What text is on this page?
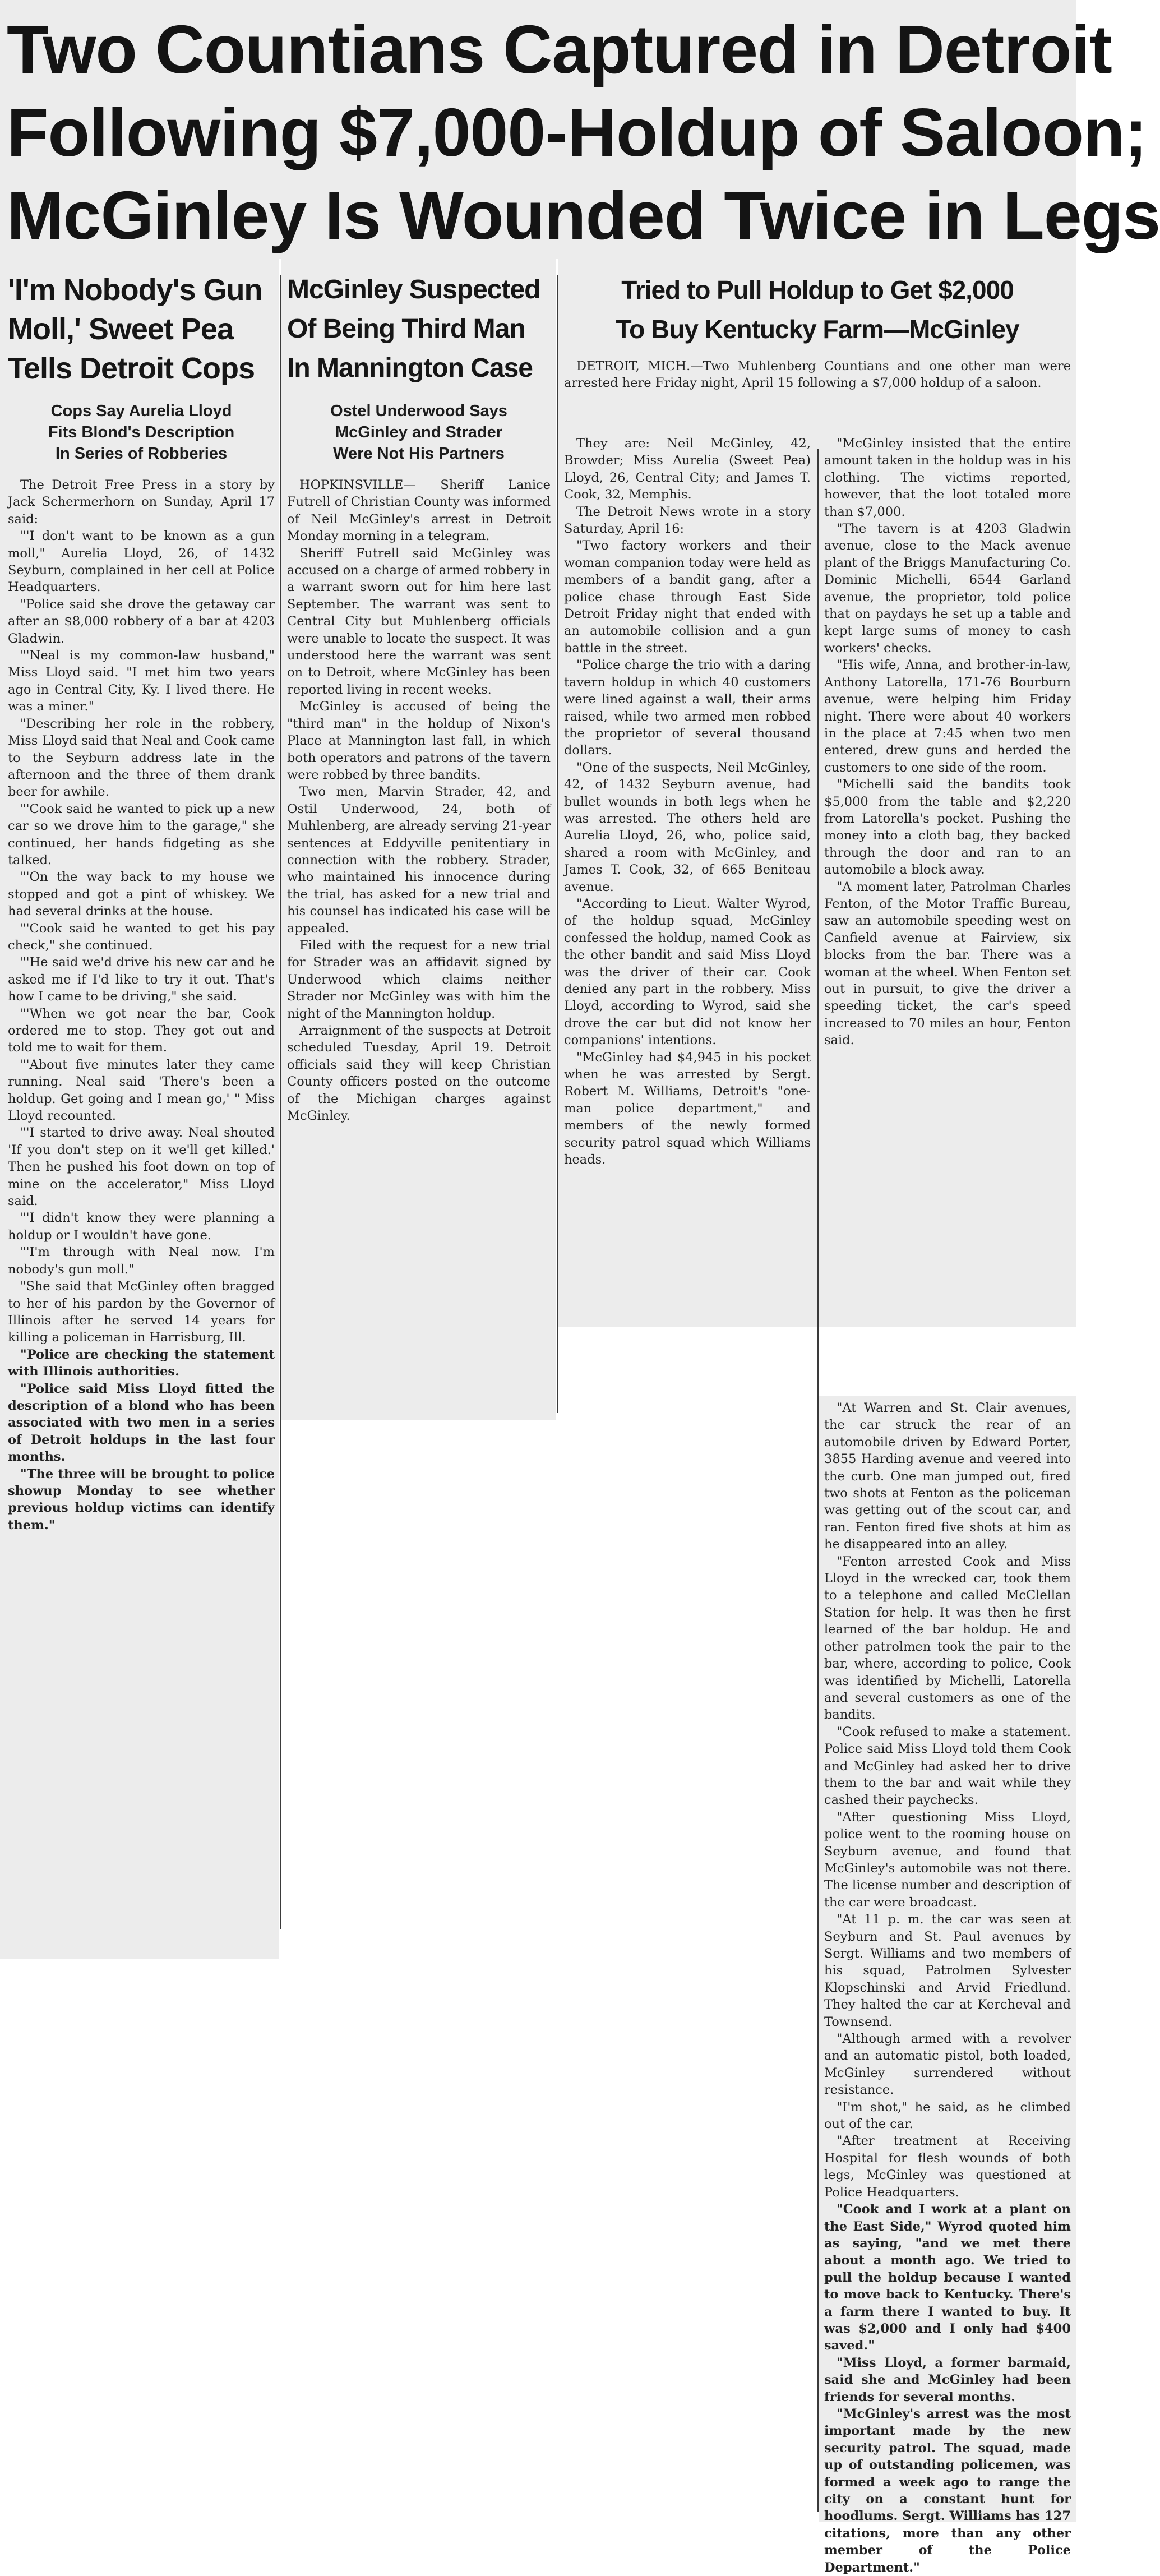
Two Countians Captured in Detroit
Following $7,000-Holdup of Saloon;
McGinley Is Wounded Twice in Legs
'I'm Nobody's Gun
Moll,' Sweet Pea
Tells Detroit Cops
Cops Say Aurelia Lloyd
Fits Blond's Description
In Series of Robberies

The Detroit Free Press in a story by Jack Schermerhorn on Sunday, April 17 said:

"'I don't want to be known as a gun moll," Aurelia Lloyd, 26, of 1432 Seyburn, complained in her cell at Police Headquarters.

"Police said she drove the getaway car after an $8,000 robbery of a bar at 4203 Gladwin.

"'Neal is my common-law husband," Miss Lloyd said. "I met him two years ago in Central City, Ky. I lived there. He was a miner."

"Describing her role in the robbery, Miss Lloyd said that Neal and Cook came to the Seyburn address late in the afternoon and the three of them drank beer for awhile.

"'Cook said he wanted to pick up a new car so we drove him to the garage," she continued, her hands fidgeting as she talked.

"'On the way back to my house we stopped and got a pint of whiskey. We had several drinks at the house.

"'Cook said he wanted to get his pay check," she continued.

"'He said we'd drive his new car and he asked me if I'd like to try it out. That's how I came to be driving," she said.

"'When we got near the bar, Cook ordered me to stop. They got out and told me to wait for them.

"'About five minutes later they came running. Neal said 'There's been a holdup. Get going and I mean go,' " Miss Lloyd recounted.

"'I started to drive away. Neal shouted 'If you don't step on it we'll get killed.' Then he pushed his foot down on top of mine on the accelerator," Miss Lloyd said.

"'I didn't know they were planning a holdup or I wouldn't have gone.

"'I'm through with Neal now. I'm nobody's gun moll."

"She said that McGinley often bragged to her of his pardon by the Governor of Illinois after he served 14 years for killing a policeman in Harrisburg, Ill.

"Police are checking the statement with Illinois authorities.

"Police said Miss Lloyd fitted the description of a blond who has been associated with two men in a series of Detroit holdups in the last four months.

"The three will be brought to police showup Monday to see whether previous holdup victims can identify them."

McGinley Suspected
Of Being Third Man
In Mannington Case
Ostel Underwood Says
McGinley and Strader
Were Not His Partners

HOPKINSVILLE— Sheriff Lanice Futrell of Christian County was informed of Neil McGinley's arrest in Detroit Monday morning in a telegram.

Sheriff Futrell said McGinley was accused on a charge of armed robbery in a warrant sworn out for him here last September. The warrant was sent to Central City but Muhlenberg officials were unable to locate the suspect. It was understood here the warrant was sent on to Detroit, where McGinley has been reported living in recent weeks.

McGinley is accused of being the "third man" in the holdup of Nixon's Place at Mannington last fall, in which both operators and patrons of the tavern were robbed by three bandits.

Two men, Marvin Strader, 42, and Ostil Underwood, 24, both of Muhlenberg, are already serving 21-year sentences at Eddyville penitentiary in connection with the robbery. Strader, who maintained his innocence during the trial, has asked for a new trial and his counsel has indicated his case will be appealed.

Filed with the request for a new trial for Strader was an affidavit signed by Underwood which claims neither Strader nor McGinley was with him the night of the Mannington holdup.

Arraignment of the suspects at Detroit scheduled Tuesday, April 19. Detroit officials said they will keep Christian County officers posted on the outcome of the Michigan charges against McGinley.

Tried to Pull Holdup to Get $2,000
To Buy Kentucky Farm—McGinley

DETROIT, MICH.—Two Muhlenberg Countians and one other man were arrested here Friday night, April 15 following a $7,000 holdup of a saloon.

They are: Neil McGinley, 42, Browder; Miss Aurelia (Sweet Pea) Lloyd, 26, Central City; and James T. Cook, 32, Memphis.

The Detroit News wrote in a story Saturday, April 16:

"Two factory workers and their woman companion today were held as members of a bandit gang, after a police chase through East Side Detroit Friday night that ended with an automobile collision and a gun battle in the street.

"Police charge the trio with a daring tavern holdup in which 40 customers were lined against a wall, their arms raised, while two armed men robbed the proprietor of several thousand dollars.

"One of the suspects, Neil McGinley, 42, of 1432 Seyburn avenue, had bullet wounds in both legs when he was arrested. The others held are Aurelia Lloyd, 26, who, police said, shared a room with McGinley, and James T. Cook, 32, of 665 Beniteau avenue.

"According to Lieut. Walter Wyrod, of the holdup squad, McGinley confessed the holdup, named Cook as the other bandit and said Miss Lloyd was the driver of their car. Cook denied any part in the robbery. Miss Lloyd, according to Wyrod, said she drove the car but did not know her companions' intentions.

"McGinley had $4,945 in his pocket when he was arrested by Sergt. Robert M. Williams, Detroit's "one-man police department," and members of the newly formed security patrol squad which Williams heads.

"McGinley insisted that the entire amount taken in the holdup was in his clothing. The victims reported, however, that the loot totaled more than $7,000.

"The tavern is at 4203 Gladwin avenue, close to the Mack avenue plant of the Briggs Manufacturing Co. Dominic Michelli, 6544 Garland avenue, the proprietor, told police that on paydays he set up a table and kept large sums of money to cash workers' checks.

"His wife, Anna, and brother-in-law, Anthony Latorella, 171-76 Bourburn avenue, were helping him Friday night. There were about 40 workers in the place at 7:45 when two men entered, drew guns and herded the customers to one side of the room.

"Michelli said the bandits took $5,000 from the table and $2,220 from Latorella's pocket. Pushing the money into a cloth bag, they backed through the door and ran to an automobile a block away.

"A moment later, Patrolman Charles Fenton, of the Motor Traffic Bureau, saw an automobile speeding west on Canfield avenue at Fairview, six blocks from the bar. There was a woman at the wheel. When Fenton set out in pursuit, to give the driver a speeding ticket, the car's speed increased to 70 miles an hour, Fenton said.

"At Warren and St. Clair avenues, the car struck the rear of an automobile driven by Edward Porter, 3855 Harding avenue and veered into the curb. One man jumped out, fired two shots at Fenton as the policeman was getting out of the scout car, and ran. Fenton fired five shots at him as he disappeared into an alley.

"Fenton arrested Cook and Miss Lloyd in the wrecked car, took them to a telephone and called McClellan Station for help. It was then he first learned of the bar holdup. He and other patrolmen took the pair to the bar, where, according to police, Cook was identified by Michelli, Latorella and several customers as one of the bandits.

"Cook refused to make a statement. Police said Miss Lloyd told them Cook and McGinley had asked her to drive them to the bar and wait while they cashed their paychecks.

"After questioning Miss Lloyd, police went to the rooming house on Seyburn avenue, and found that McGinley's automobile was not there. The license number and description of the car were broadcast.

"At 11 p. m. the car was seen at Seyburn and St. Paul avenues by Sergt. Williams and two members of his squad, Patrolmen Sylvester Klopschinski and Arvid Friedlund. They halted the car at Kercheval and Townsend.

"Although armed with a revolver and an automatic pistol, both loaded, McGinley surrendered without resistance.

"I'm shot," he said, as he climbed out of the car.

"After treatment at Receiving Hospital for flesh wounds of both legs, McGinley was questioned at Police Headquarters.

"Cook and I work at a plant on the East Side," Wyrod quoted him as saying, "and we met there about a month ago. We tried to pull the holdup because I wanted to move back to Kentucky. There's a farm there I wanted to buy. It was $2,000 and I only had $400 saved."

"Miss Lloyd, a former barmaid, said she and McGinley had been friends for several months.

"McGinley's arrest was the most important made by the new security patrol. The squad, made up of outstanding policemen, was formed a week ago to range the city on a constant hunt for hoodlums. Sergt. Williams has 127 citations, more than any other member of the Police Department."
